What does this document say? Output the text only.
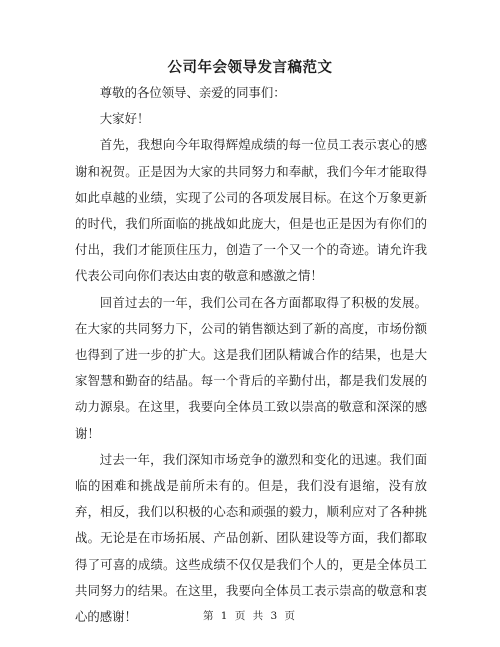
公司年会领导发言稿范文

尊敬的各位领导、亲爱的同事们：

大家好！

首先，我想向今年取得辉煌成绩的每一位员工表示衷心的感谢和祝贺。正是因为大家的共同努力和奉献，我们今年才能取得如此卓越的业绩，实现了公司的各项发展目标。在这个万象更新的时代，我们所面临的挑战如此庞大，但是也正是因为有你们的付出，我们才能顶住压力，创造了一个又一个的奇迹。请允许我代表公司向你们表达由衷的敬意和感激之情！

回首过去的一年，我们公司在各方面都取得了积极的发展。在大家的共同努力下，公司的销售额达到了新的高度，市场份额也得到了进一步的扩大。这是我们团队精诚合作的结果，也是大家智慧和勤奋的结晶。每一个背后的辛勤付出，都是我们发展的动力源泉。在这里，我要向全体员工致以崇高的敬意和深深的感谢！

过去一年，我们深知市场竞争的激烈和变化的迅速。我们面临的困难和挑战是前所未有的。但是，我们没有退缩，没有放弃，相反，我们以积极的心态和顽强的毅力，顺利应对了各种挑战。无论是在市场拓展、产品创新、团队建设等方面，我们都取得了可喜的成绩。这些成绩不仅仅是我们个人的，更是全体员工共同努力的结果。在这里，我要向全体员工表示崇高的敬意和衷心的感谢！	第 1 页 共 3 页
